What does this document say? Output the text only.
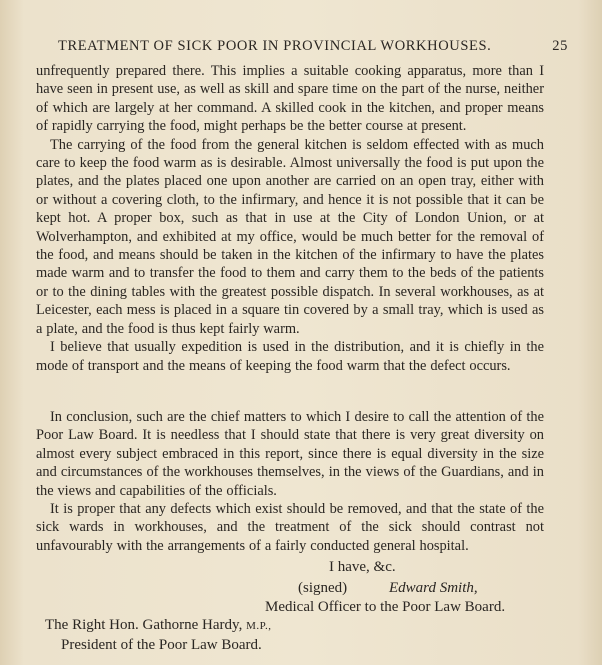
TREATMENT OF SICK POOR IN PROVINCIAL WORKHOUSES.	25

unfrequently prepared there. This implies a suitable cooking apparatus, more than I have seen in present use, as well as skill and spare time on the part of the nurse, neither of which are largely at her command. A skilled cook in the kitchen, and proper means of rapidly carrying the food, might perhaps be the better course at present.

The carrying of the food from the general kitchen is seldom effected with as much care to keep the food warm as is desirable. Almost universally the food is put upon the plates, and the plates placed one upon another are carried on an open tray, either with or without a covering cloth, to the infirmary, and hence it is not possible that it can be kept hot. A proper box, such as that in use at the City of London Union, or at Wolverhampton, and exhibited at my office, would be much better for the removal of the food, and means should be taken in the kitchen of the infirmary to have the plates made warm and to transfer the food to them and carry them to the beds of the patients or to the dining tables with the greatest possible dispatch. In several workhouses, as at Leicester, each mess is placed in a square tin covered by a small tray, which is used as a plate, and the food is thus kept fairly warm.

I believe that usually expedition is used in the distribution, and it is chiefly in the mode of transport and the means of keeping the food warm that the defect occurs.

In conclusion, such are the chief matters to which I desire to call the attention of the Poor Law Board. It is needless that I should state that there is very great diversity on almost every subject embraced in this report, since there is equal diversity in the size and circumstances of the workhouses themselves, in the views of the Guardians, and in the views and capabilities of the officials.

It is proper that any defects which exist should be removed, and that the state of the sick wards in workhouses, and the treatment of the sick should contrast not unfavourably with the arrangements of a fairly conducted general hospital.

I have, &c.
(signed)	Edward Smith,
Medical Officer to the Poor Law Board.
The Right Hon. Gathorne Hardy, M.P.,
President of the Poor Law Board.
